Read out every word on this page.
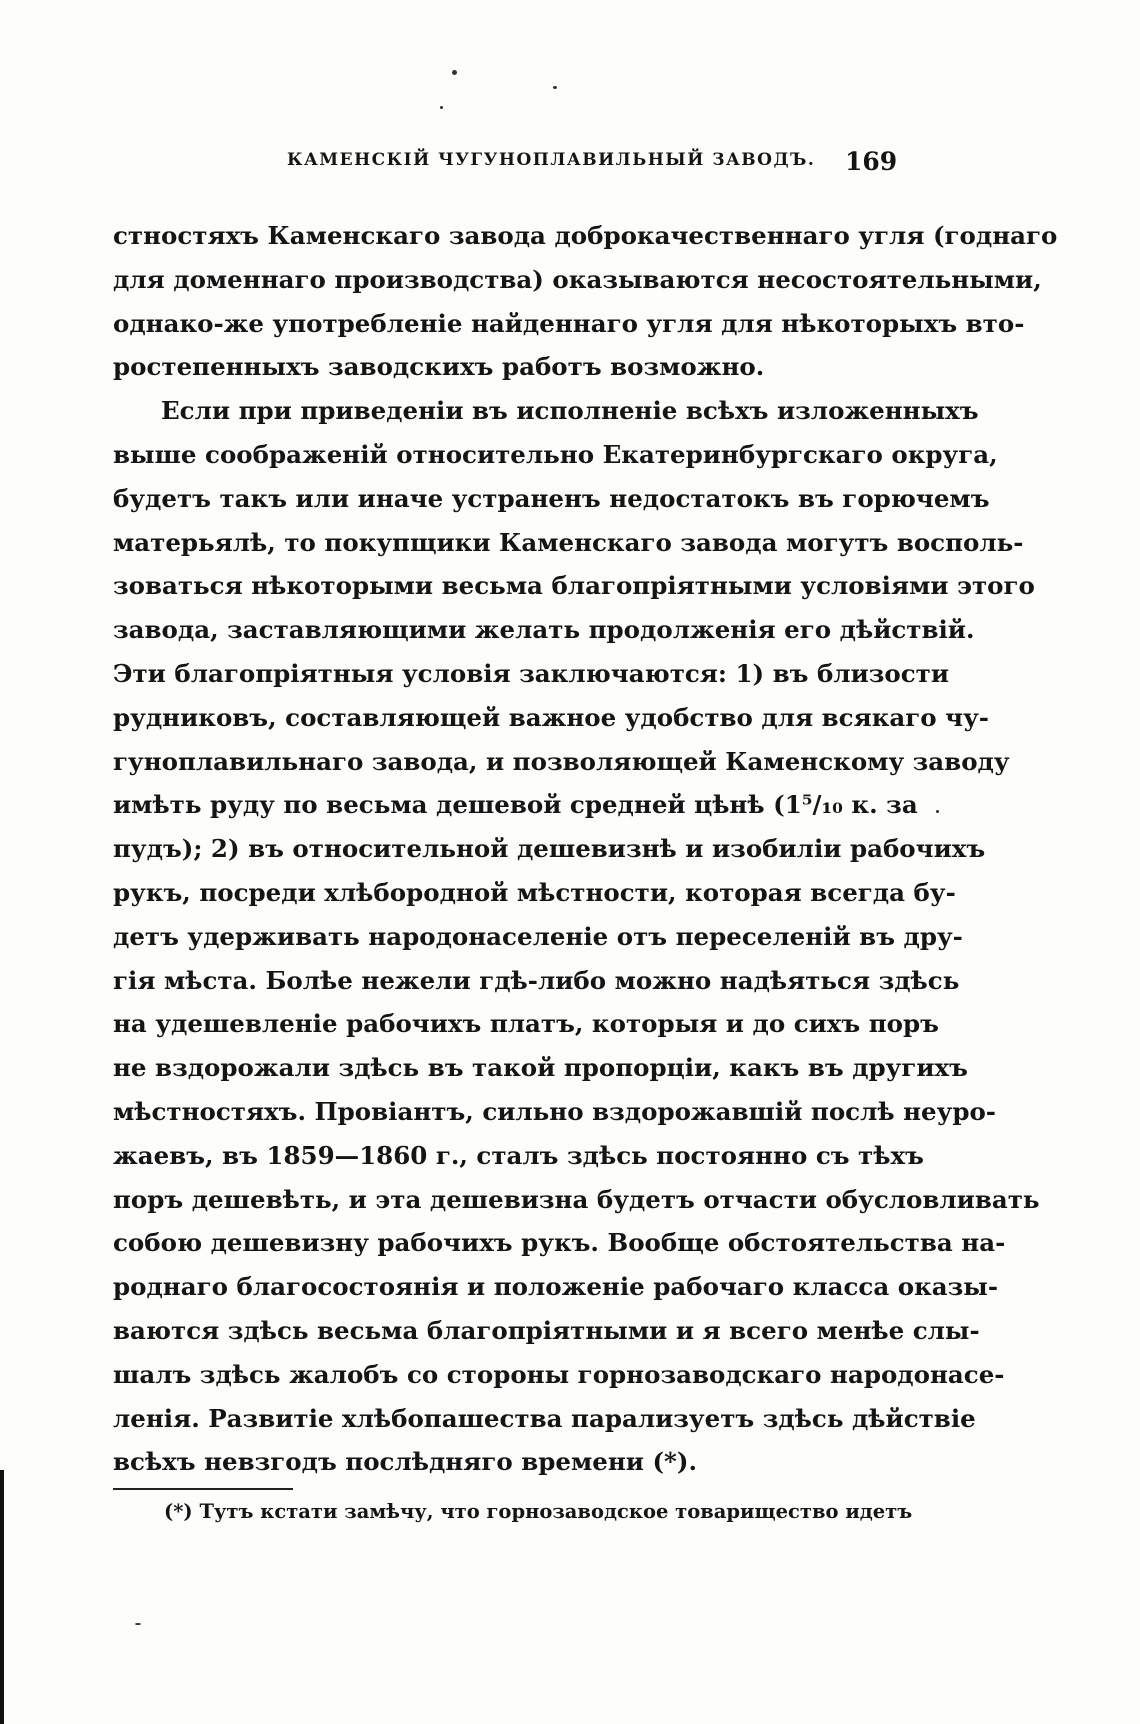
КАМЕНСКІЙ ЧУГУНОПЛАВИЛЬНЫЙ ЗАВОДЪ. 169
стностяхъ Каменскаго завода доброкачественнаго угля (годнаго
для доменнаго производства) оказываются несостоятельными,
однако-же употребленіе найденнаго угля для нѣкоторыхъ вто-
ростепенныхъ заводскихъ работъ возможно.
Если при приведеніи въ исполненіе всѣхъ изложенныхъ
выше соображеній относительно Екатеринбургскаго округа,
будетъ такъ или иначе устраненъ недостатокъ въ горючемъ
матерьялѣ, то покупщики Каменскаго завода могутъ восполь-
зоваться нѣкоторыми весьма благопріятными условіями этого
завода, заставляющими желать продолженія его дѣйствій.
Эти благопріятныя условія заключаются: 1) въ близости
рудниковъ, составляющей важное удобство для всякаго чу-
гуноплавильнаго завода, и позволяющей Каменскому заводу
имѣть руду по весьма дешевой средней цѣнѣ (1⁵/₁₀ к. за
пудъ); 2) въ относительной дешевизнѣ и изобиліи рабочихъ
рукъ, посреди хлѣбородной мѣстности, которая всегда бу-
детъ удерживать народонаселеніе отъ переселеній въ дру-
гія мѣста. Болѣе нежели гдѣ-либо можно надѣяться здѣсь
на удешевленіе рабочихъ платъ, которыя и до сихъ поръ
не вздорожали здѣсь въ такой пропорціи, какъ въ другихъ
мѣстностяхъ. Провіантъ, сильно вздорожавшій послѣ неуро-
жаевъ, въ 1859—1860 г., сталъ здѣсь постоянно съ тѣхъ
поръ дешевѣть, и эта дешевизна будетъ отчасти обусловливать
собою дешевизну рабочихъ рукъ. Вообще обстоятельства на-
роднаго благосостоянія и положеніе рабочаго класса оказы-
ваются здѣсь весьма благопріятными и я всего менѣе слы-
шалъ здѣсь жалобъ со стороны горнозаводскаго народонасе-
ленія. Развитіе хлѣбопашества парализуетъ здѣсь дѣйствіе
всѣхъ невзгодъ послѣдняго времени (*).
(*) Тутъ кстати замѣчу, что горнозаводское товарищество идетъ
